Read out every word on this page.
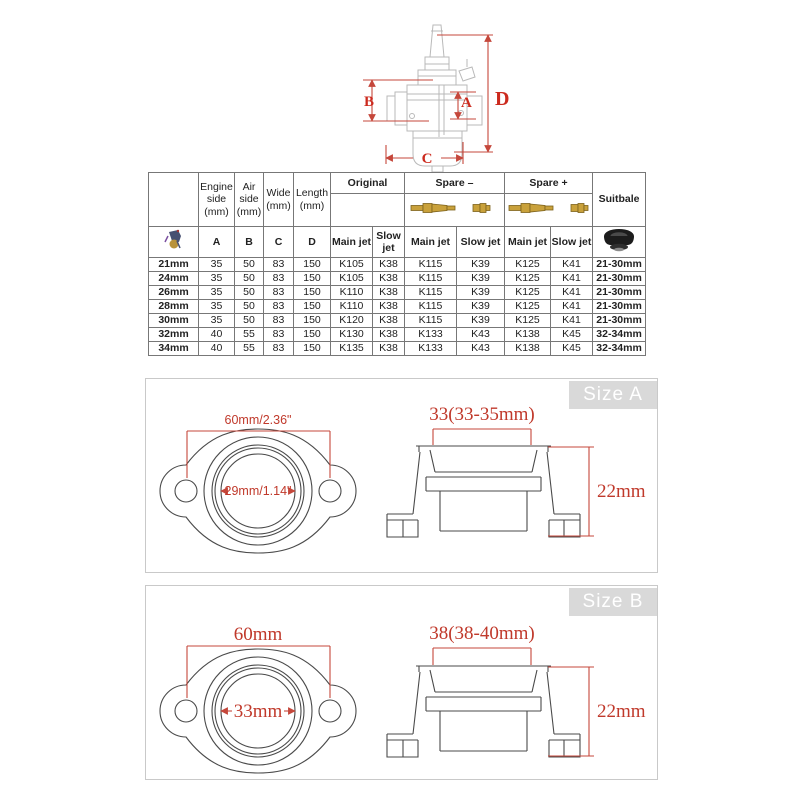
B	A D
C
	Engine side (mm)	Air side (mm)	Wide (mm)	Length (mm)	Original		Spare –		Spare +		Suitbale

	A	B	C	D	Main jet	Slow jet	Main jet	Slow jet	Main jet	Slow jet	
21mm	35	50	83	150	K105	K38	K115	K39	K125	K41	21-30mm
24mm	35	50	83	150	K105	K38	K115	K39	K125	K41	21-30mm
26mm	35	50	83	150	K110	K38	K115	K39	K125	K41	21-30mm
28mm	35	50	83	150	K110	K38	K115	K39	K125	K41	21-30mm
30mm	35	50	83	150	K120	K38	K115	K39	K125	K41	21-30mm
32mm	40	55	83	150	K130	K38	K133	K43	K138	K45	32-34mm
34mm	40	55	83	150	K135	K38	K133	K43	K138	K45	32-34mm
Size A
60mm/2.36"
29mm/1.14"
33(33-35mm)
22mm
Size B
60mm
33mm
38(38-40mm)
22mm
